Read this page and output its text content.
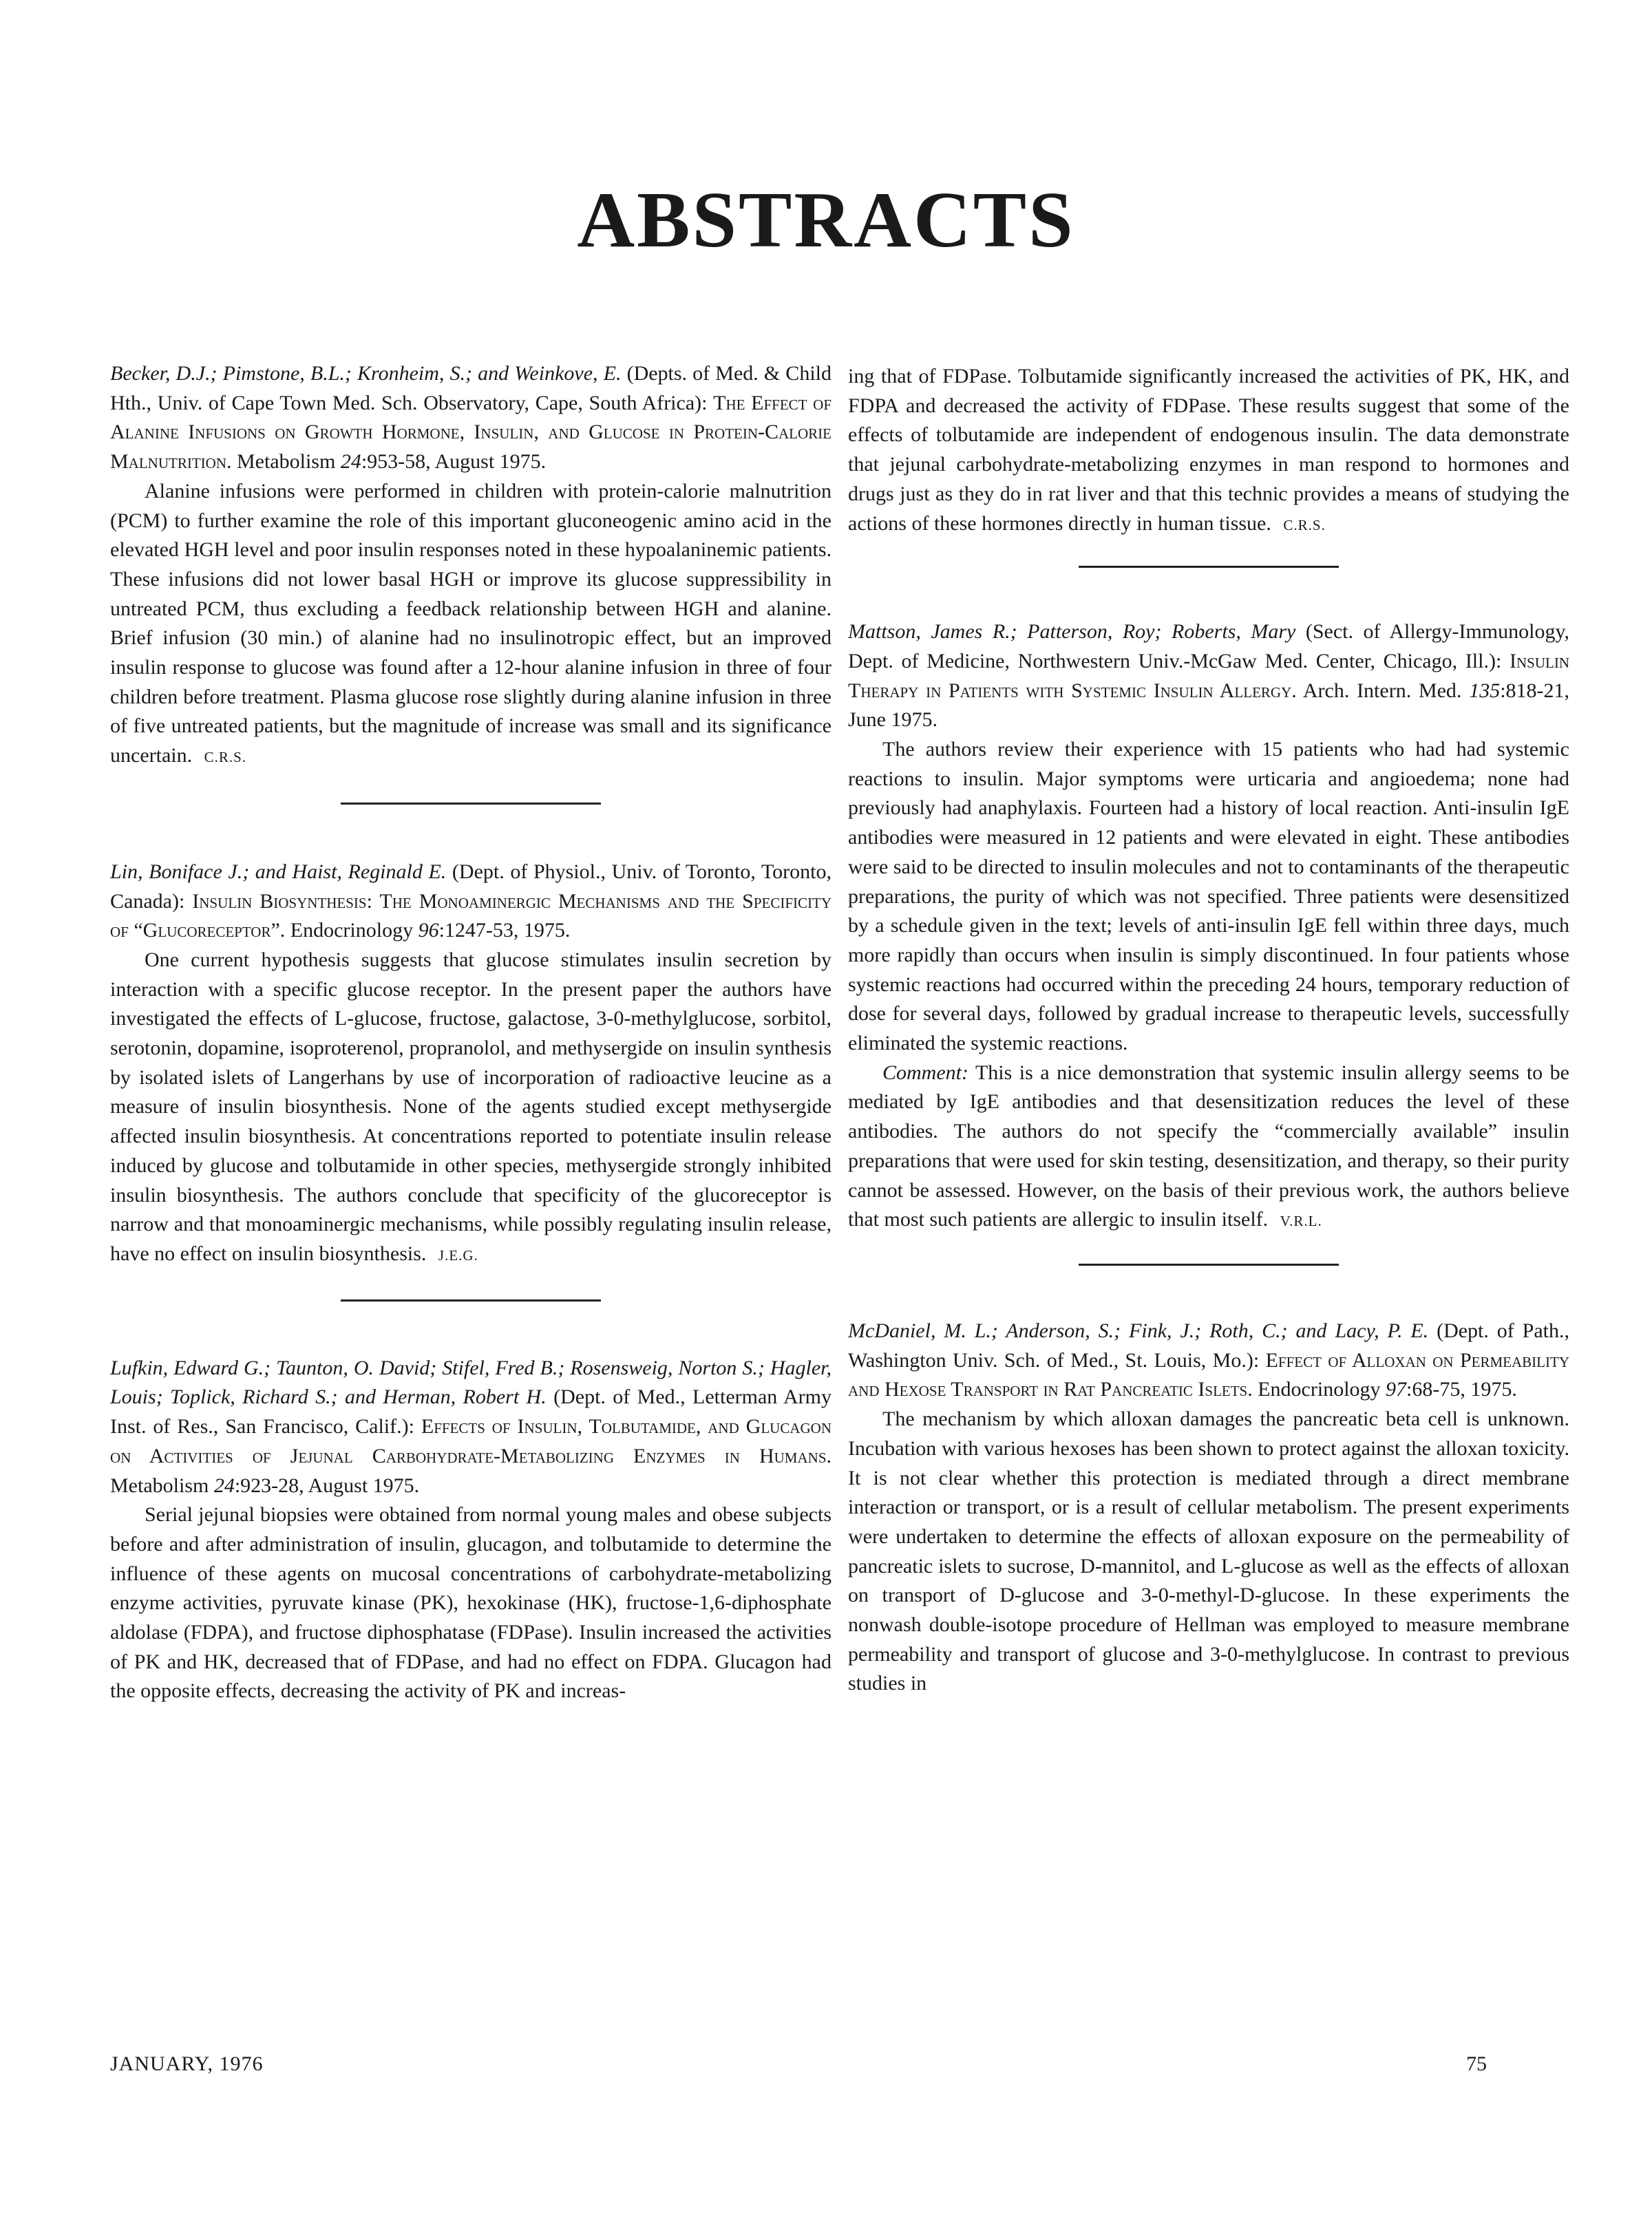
ABSTRACTS

Becker, D.J.; Pimstone, B.L.; Kronheim, S.; and Weinkove, E. (Depts. of Med. & Child Hth., Univ. of Cape Town Med. Sch. Observatory, Cape, South Africa): The Effect of Alanine Infusions on Growth Hormone, Insulin, and Glucose in Protein-Calorie Malnutrition. Metabolism 24:953-58, August 1975.

Alanine infusions were performed in children with protein-calorie malnutrition (PCM) to further examine the role of this important gluconeogenic amino acid in the elevated HGH level and poor insulin responses noted in these hypoalaninemic patients. These infusions did not lower basal HGH or improve its glucose suppressibility in untreated PCM, thus excluding a feedback relationship between HGH and alanine. Brief infusion (30 min.) of alanine had no insulinotropic effect, but an improved insulin response to glucose was found after a 12-hour alanine infusion in three of four children before treatment. Plasma glucose rose slightly during alanine infusion in three of five untreated patients, but the magnitude of increase was small and its significance uncertain. C.R.S.

Lin, Boniface J.; and Haist, Reginald E. (Dept. of Physiol., Univ. of Toronto, Toronto, Canada): Insulin Biosynthesis: The Monoaminergic Mechanisms and the Specificity of “Glucoreceptor”. Endocrinology 96:1247-53, 1975.

One current hypothesis suggests that glucose stimulates insulin secretion by interaction with a specific glucose receptor. In the present paper the authors have investigated the effects of L-glucose, fructose, galactose, 3-0-methylglucose, sorbitol, serotonin, dopamine, isoproterenol, propranolol, and methysergide on insulin synthesis by isolated islets of Langerhans by use of incorporation of radioactive leucine as a measure of insulin biosynthesis. None of the agents studied except methysergide affected insulin biosynthesis. At concentrations reported to potentiate insulin release induced by glucose and tolbutamide in other species, methysergide strongly inhibited insulin biosynthesis. The authors conclude that specificity of the glucoreceptor is narrow and that monoaminergic mechanisms, while possibly regulating insulin release, have no effect on insulin biosynthesis. J.E.G.

Lufkin, Edward G.; Taunton, O. David; Stifel, Fred B.; Rosensweig, Norton S.; Hagler, Louis; Toplick, Richard S.; and Herman, Robert H. (Dept. of Med., Letterman Army Inst. of Res., San Francisco, Calif.): Effects of Insulin, Tolbutamide, and Glucagon on Activities of Jejunal Carbohydrate-Metabolizing Enzymes in Humans. Metabolism 24:923-28, August 1975.

Serial jejunal biopsies were obtained from normal young males and obese subjects before and after administration of insulin, glucagon, and tolbutamide to determine the influence of these agents on mucosal concentrations of carbohydrate-metabolizing enzyme activities, pyruvate kinase (PK), hexokinase (HK), fructose-1,6-diphosphate aldolase (FDPA), and fructose diphosphatase (FDPase). Insulin increased the activities of PK and HK, decreased that of FDPase, and had no effect on FDPA. Glucagon had the opposite effects, decreasing the activity of PK and increas-

ing that of FDPase. Tolbutamide significantly increased the activities of PK, HK, and FDPA and decreased the activity of FDPase. These results suggest that some of the effects of tolbutamide are independent of endogenous insulin. The data demonstrate that jejunal carbohydrate-metabolizing enzymes in man respond to hormones and drugs just as they do in rat liver and that this technic provides a means of studying the actions of these hormones directly in human tissue. C.R.S.

Mattson, James R.; Patterson, Roy; Roberts, Mary (Sect. of Allergy-Immunology, Dept. of Medicine, Northwestern Univ.-McGaw Med. Center, Chicago, Ill.): Insulin Therapy in Patients with Systemic Insulin Allergy. Arch. Intern. Med. 135:818-21, June 1975.

The authors review their experience with 15 patients who had had systemic reactions to insulin. Major symptoms were urticaria and angioedema; none had previously had anaphylaxis. Fourteen had a history of local reaction. Anti-insulin IgE antibodies were measured in 12 patients and were elevated in eight. These antibodies were said to be directed to insulin molecules and not to contaminants of the therapeutic preparations, the purity of which was not specified. Three patients were desensitized by a schedule given in the text; levels of anti-insulin IgE fell within three days, much more rapidly than occurs when insulin is simply discontinued. In four patients whose systemic reactions had occurred within the preceding 24 hours, temporary reduction of dose for several days, followed by gradual increase to therapeutic levels, successfully eliminated the systemic reactions.

Comment: This is a nice demonstration that systemic insulin allergy seems to be mediated by IgE antibodies and that desensitization reduces the level of these antibodies. The authors do not specify the “commercially available” insulin preparations that were used for skin testing, desensitization, and therapy, so their purity cannot be assessed. However, on the basis of their previous work, the authors believe that most such patients are allergic to insulin itself. V.R.L.

McDaniel, M. L.; Anderson, S.; Fink, J.; Roth, C.; and Lacy, P. E. (Dept. of Path., Washington Univ. Sch. of Med., St. Louis, Mo.): Effect of Alloxan on Permeability and Hexose Transport in Rat Pancreatic Islets. Endocrinology 97:68-75, 1975.

The mechanism by which alloxan damages the pancreatic beta cell is unknown. Incubation with various hexoses has been shown to protect against the alloxan toxicity. It is not clear whether this protection is mediated through a direct membrane interaction or transport, or is a result of cellular metabolism. The present experiments were undertaken to determine the effects of alloxan exposure on the permeability of pancreatic islets to sucrose, D-mannitol, and L-glucose as well as the effects of alloxan on transport of D-glucose and 3-0-methyl-D-glucose. In these experiments the nonwash double-isotope procedure of Hellman was employed to measure membrane permeability and transport of glucose and 3-0-methylglucose. In contrast to previous studies in

JANUARY, 1976	75
